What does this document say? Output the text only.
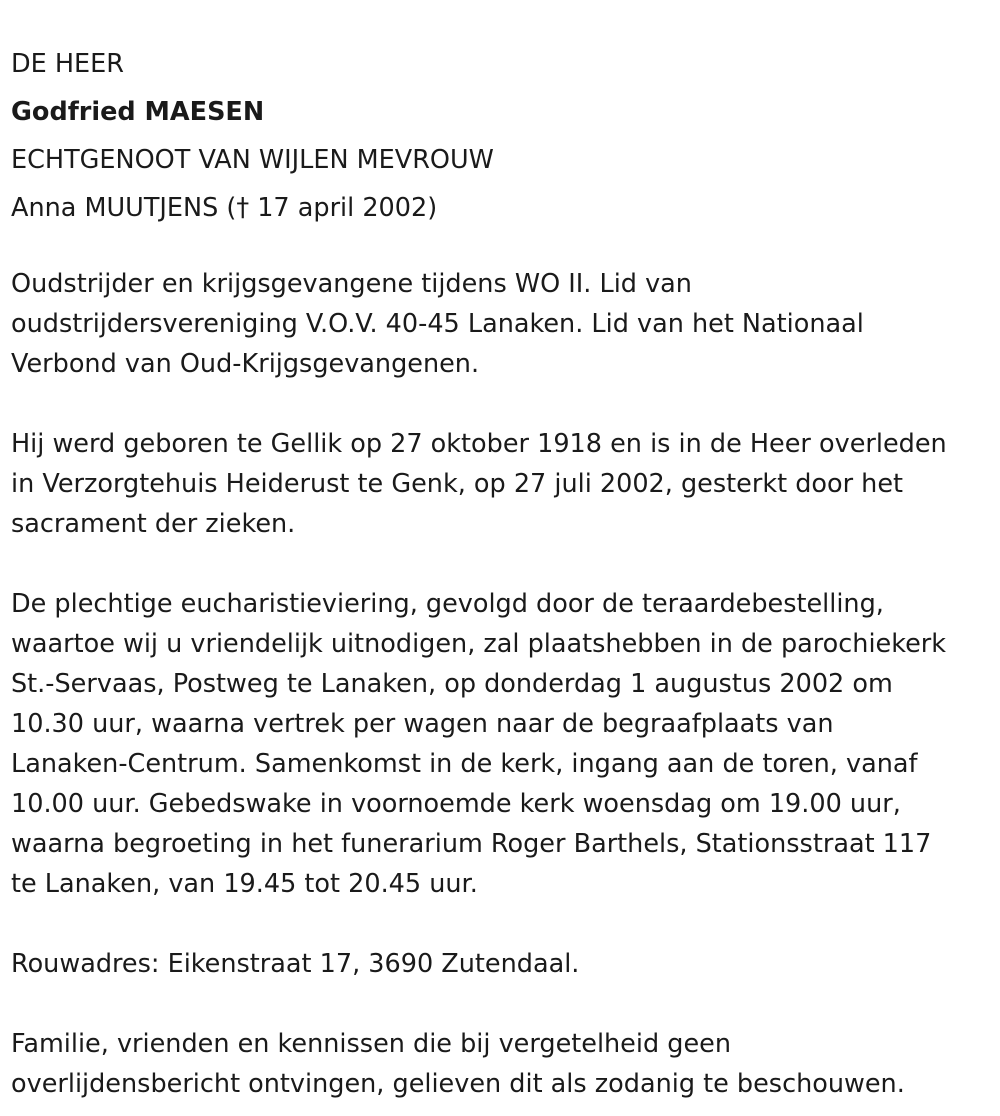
DE HEER

Godfried MAESEN

ECHTGENOOT VAN WIJLEN MEVROUW

Anna MUUTJENS († 17 april 2002)

Oudstrijder en krijgsgevangene tijdens WO II. Lid van
oudstrijdersvereniging V.O.V. 40-45 Lanaken. Lid van het Nationaal
Verbond van Oud-Krijgsgevangenen.

Hij werd geboren te Gellik op 27 oktober 1918 en is in de Heer overleden
in Verzorgtehuis Heiderust te Genk, op 27 juli 2002, gesterkt door het
sacrament der zieken.

De plechtige eucharistieviering, gevolgd door de teraardebestelling,
waartoe wij u vriendelijk uitnodigen, zal plaatshebben in de parochiekerk
St.-Servaas, Postweg te Lanaken, op donderdag 1 augustus 2002 om
10.30 uur, waarna vertrek per wagen naar de begraafplaats van
Lanaken-Centrum. Samenkomst in de kerk, ingang aan de toren, vanaf
10.00 uur. Gebedswake in voornoemde kerk woensdag om 19.00 uur,
waarna begroeting in het funerarium Roger Barthels, Stationsstraat 117
te Lanaken, van 19.45 tot 20.45 uur.

Rouwadres: Eikenstraat 17, 3690 Zutendaal.

Familie, vrienden en kennissen die bij vergetelheid geen
overlijdensbericht ontvingen, gelieven dit als zodanig te beschouwen.
